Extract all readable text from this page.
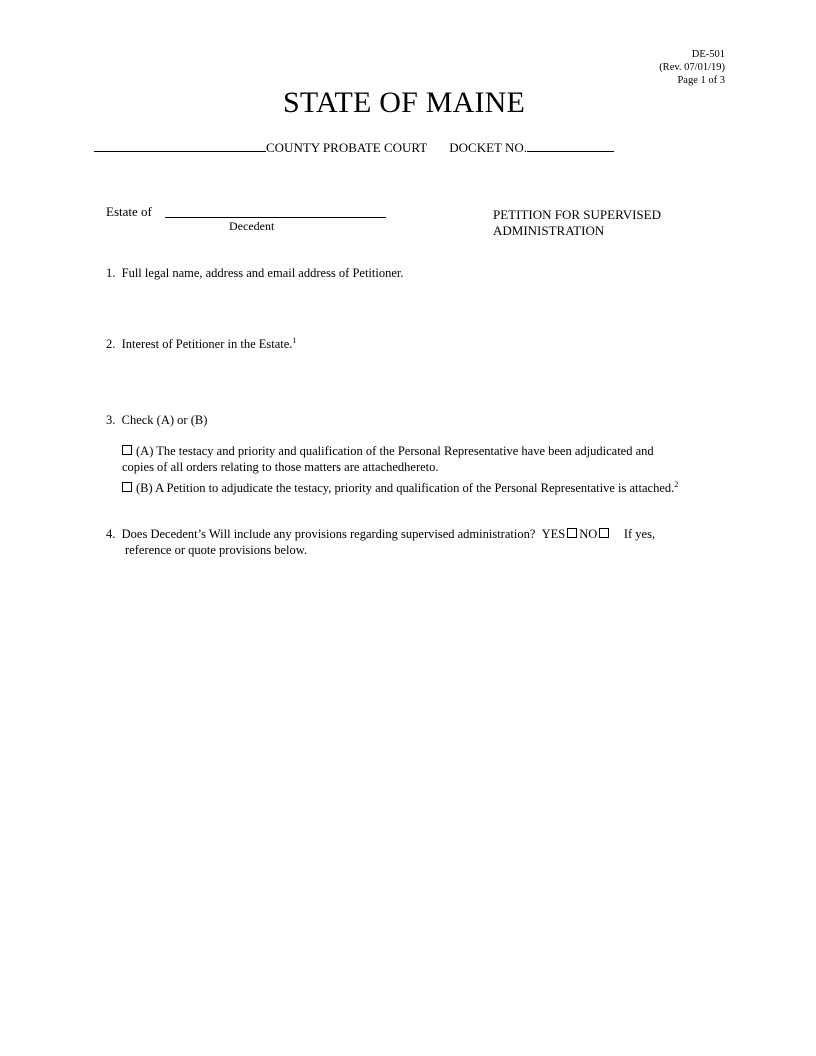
DE-501
(Rev. 07/01/19)
Page 1 of 3
STATE OF MAINE
COUNTY PROBATE COURT DOCKET NO.
Estate of
Decedent
PETITION FOR SUPERVISED
ADMINISTRATION
1. Full legal name, address and email address of Petitioner.
2. Interest of Petitioner in the Estate.$^1$
3. Check (A) or (B)
(A) The testacy and priority and qualification of the Personal Representative have been adjudicated and
copies of all orders relating to those matters are attachedhereto.
(B) A Petition to adjudicate the testacy, priority and qualification of the Personal Representative is attached.$^2$
4. Does Decedent’s Will include any provisions regarding supervised administration? YES NO If yes,
reference or quote provisions below.
